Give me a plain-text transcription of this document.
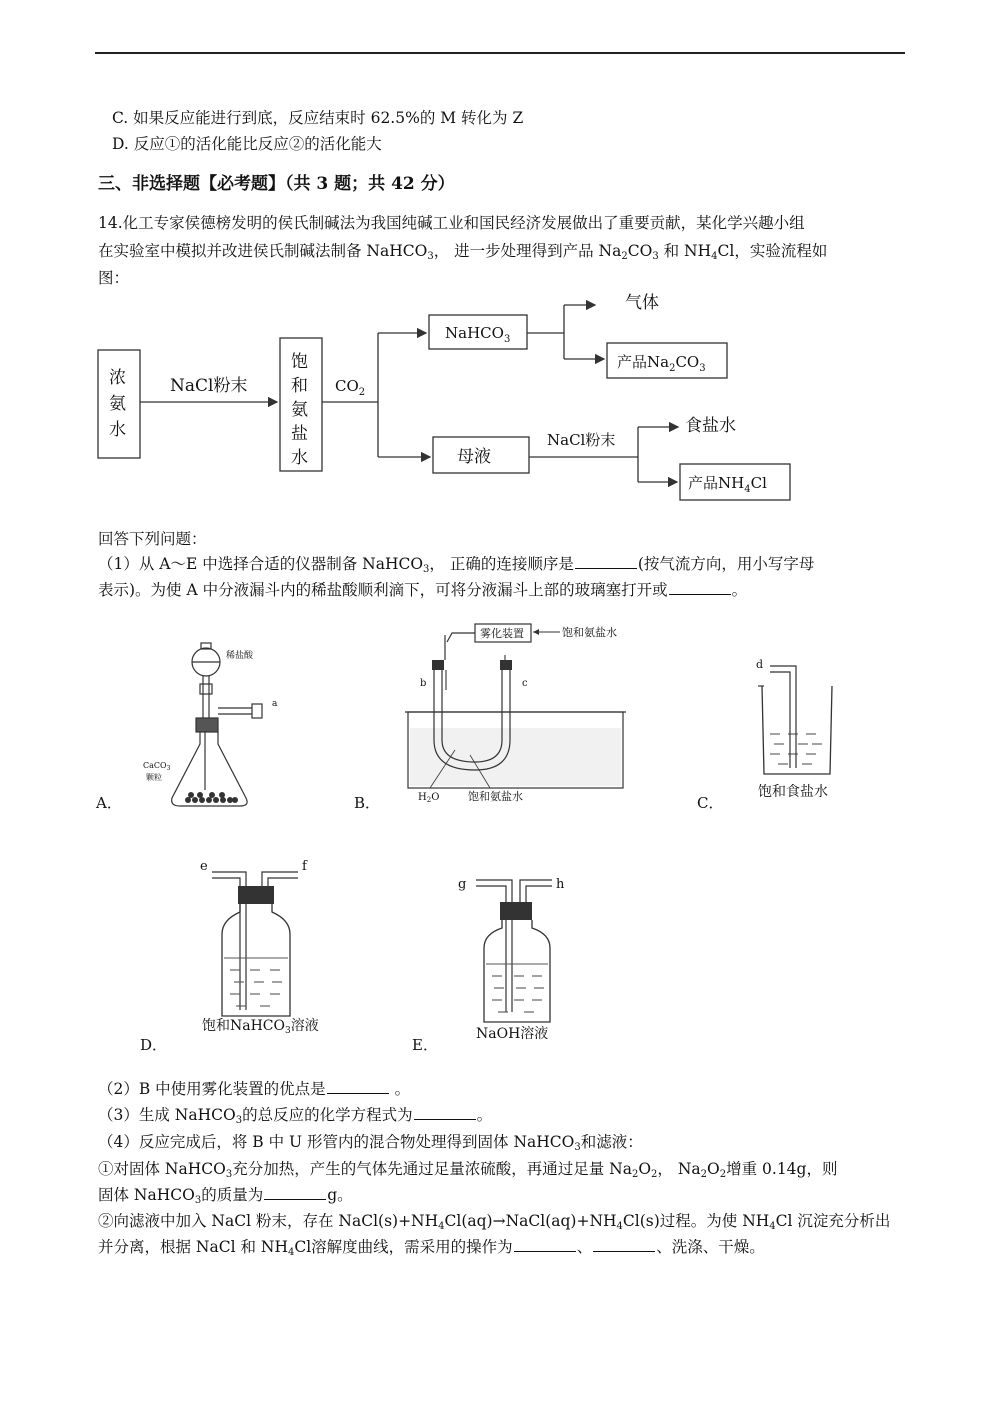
C. 如果反应能进行到底，反应结束时 62.5%的 M 转化为 Z
D. 反应①的活化能比反应②的活化能大
三、非选择题【必考题】（共 3 题；共 42 分）
14.化工专家侯德榜发明的侯氏制碱法为我国纯碱工业和国民经济发展做出了重要贡献，某化学兴趣小组
在实验室中模拟并改进侯氏制碱法制备 NaHCO$_3$， 进一步处理得到产品 $Na_2CO_3$ 和 $NH_4Cl$，实验流程如
图：
浓
氨
水
NaCl粉末
饱
和
氨
盐
水
$CO_2$
NaHCO$_3$
气体
产品$Na_2CO_3$
母液
NaCl粉末
食盐水
产品$NH_4Cl$
回答下列问题：
（1）从 A～E 中选择合适的仪器制备 NaHCO$_3$， 正确的连接顺序是	(按气流方向，用小写字母
表示)。为使 A 中分液漏斗内的稀盐酸顺利滴下，可将分液漏斗上部的玻璃塞打开或	。
稀盐酸
a
CaCO$_3$
颗粒
A．
雾化装置	饱和氨盐水
b	c
$H_2O$	饱和氨盐水
B．
d
饱和食盐水
C．
e	f
饱和NaHCO$_3$溶液
D．
g	h
NaOH溶液
E．
（2）B 中使用雾化装置的优点是	。
（3）生成 NaHCO$_3$的总反应的化学方程式为	。
（4）反应完成后，将 B 中 U 形管内的混合物处理得到固体 NaHCO$_3$和滤液：
①对固体 NaHCO$_3$充分加热，产生的气体先通过足量浓硫酸，再通过足量 $Na_2O_2$， $Na_2O_2$增重 0.14g，则
固体 NaHCO$_3$的质量为	g。
②向滤液中加入 NaCl 粉末，存在 $NaCl(s)+NH_4Cl(aq)\to NaCl(aq)+NH_4Cl(s)$过程。为使 $NH_4Cl$ 沉淀充分析出
并分离，根据 NaCl 和 $NH_4Cl$溶解度曲线，需采用的操作为	、	、洗涤、干燥。
